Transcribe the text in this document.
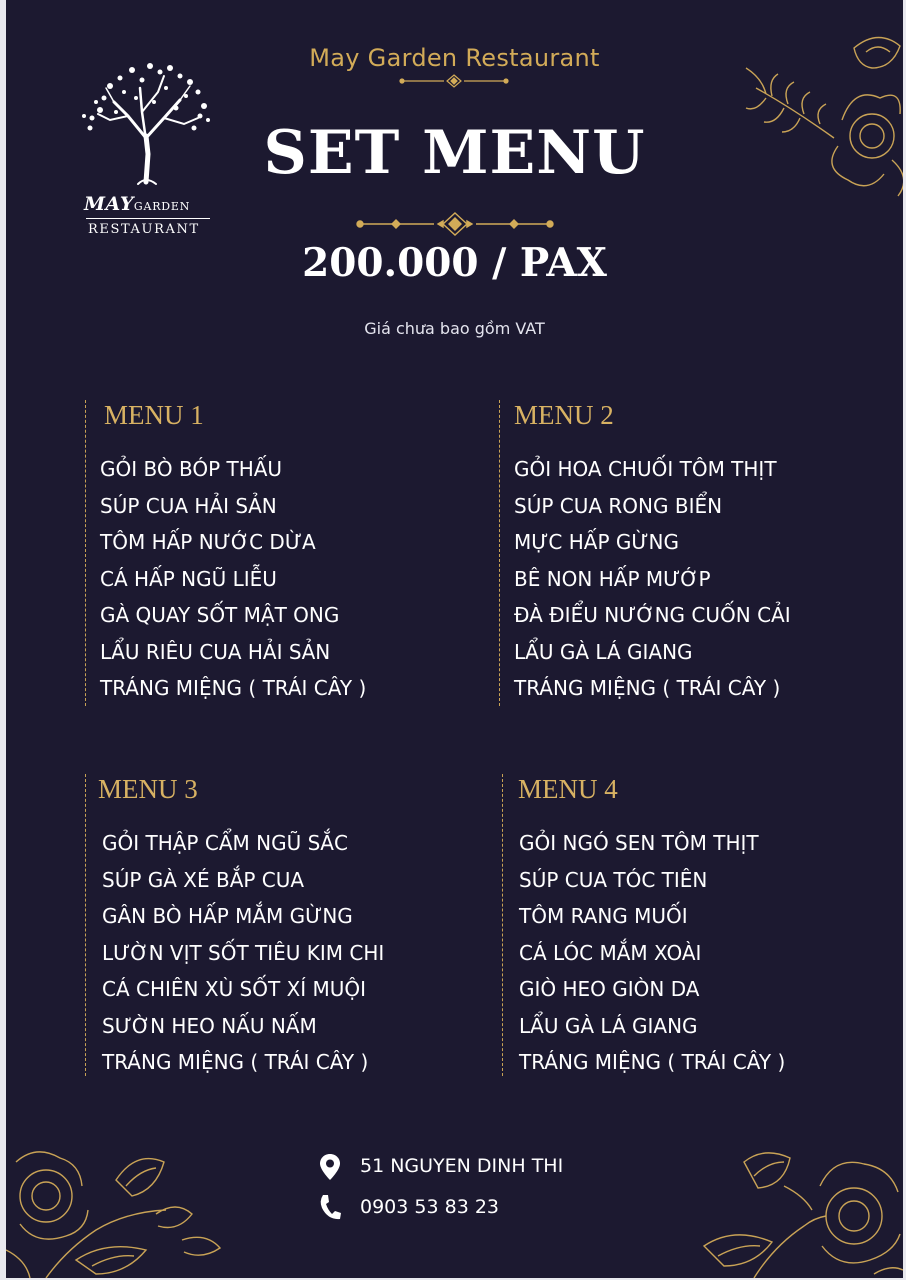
MAYGARDEN
RESTAURANT
May Garden Restaurant
SET MENU
200.000 / PAX
Giá chưa bao gồm VAT
MENU 1
GỎI BÒ BÓP THẤU
SÚP CUA HẢI SẢN
TÔM HẤP NƯỚC DỪA
CÁ HẤP NGŨ LIỄU
GÀ QUAY SỐT MẬT ONG
LẨU RIÊU CUA HẢI SẢN
TRÁNG MIỆNG ( TRÁI CÂY )
MENU 2
GỎI HOA CHUỐI TÔM THỊT
SÚP CUA RONG BIỂN
MỰC HẤP GỪNG
BÊ NON HẤP MƯỚP
ĐÀ ĐIỂU NƯỚNG CUỐN CẢI
LẨU GÀ LÁ GIANG
TRÁNG MIỆNG ( TRÁI CÂY )
MENU 3
GỎI THẬP CẨM NGŨ SẮC
SÚP GÀ XÉ BẮP CUA
GÂN BÒ HẤP MẮM GỪNG
LƯỜN VỊT SỐT TIÊU KIM CHI
CÁ CHIÊN XÙ SỐT XÍ MUỘI
SƯỜN HEO NẤU NẤM
TRÁNG MIỆNG ( TRÁI CÂY )
MENU 4
GỎI NGÓ SEN TÔM THỊT
SÚP CUA TÓC TIÊN
TÔM RANG MUỐI
CÁ LÓC MẮM XOÀI
GIÒ HEO GIÒN DA
LẨU GÀ LÁ GIANG
TRÁNG MIỆNG ( TRÁI CÂY )
51 NGUYEN DINH THI
0903 53 83 23
